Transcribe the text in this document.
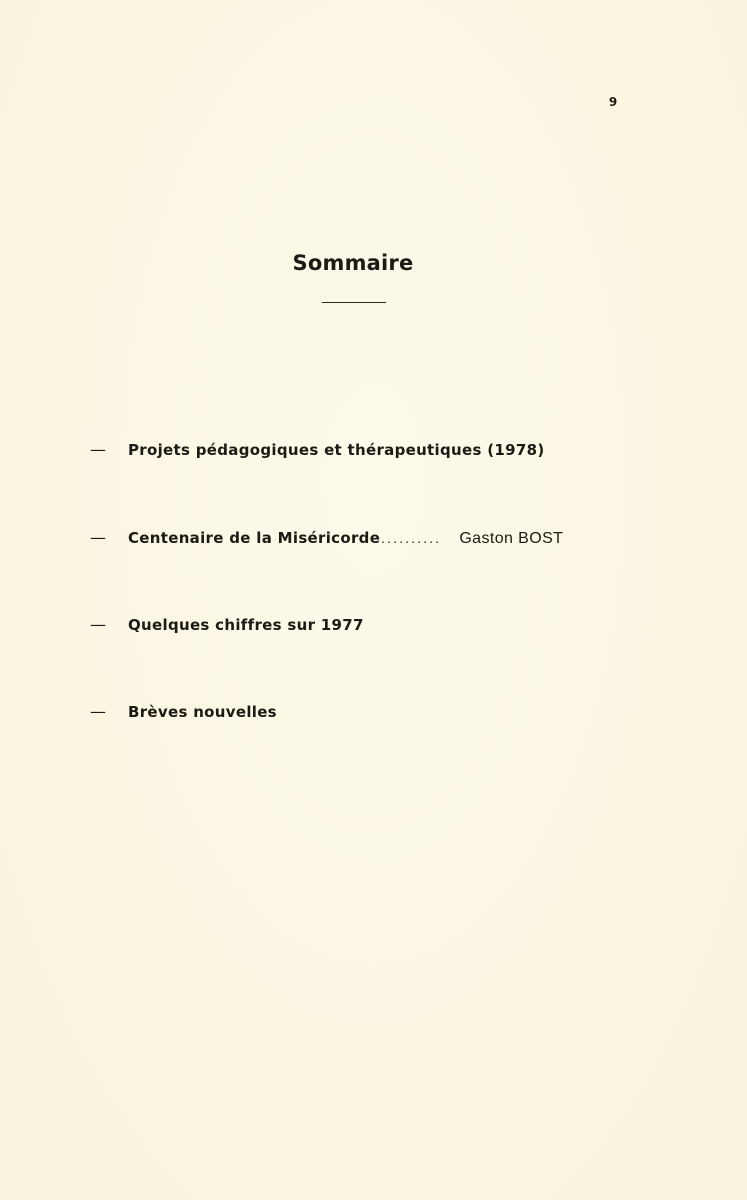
9
Sommaire
—	Projets pédagogiques et thérapeutiques (1978)
—	Centenaire de la Miséricorde .......... Gaston BOST
—	Quelques chiffres sur 1977
—	Brèves nouvelles
